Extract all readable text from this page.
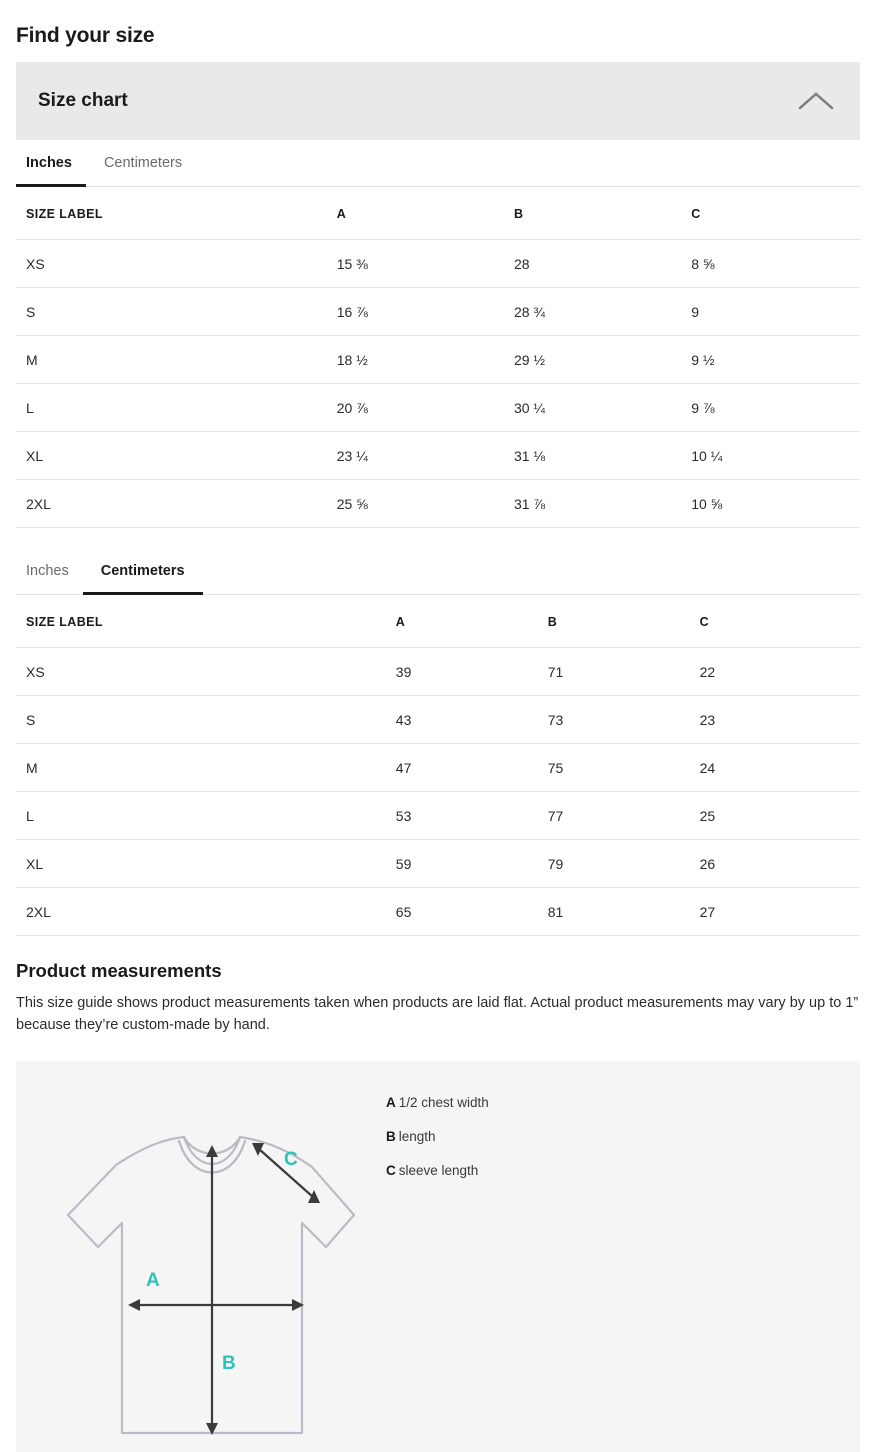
Find your size
Size chart
Inches	Centimeters
SIZE LABEL	A	B	C
XS	15 ⅜	28	8 ⅝
S	16 ⅞	28 ¾	9
M	18 ½	29 ½	9 ½
L	20 ⅞	30 ¼	9 ⅞
XL	23 ¼	31 ⅛	10 ¼
2XL	25 ⅝	31 ⅞	10 ⅝
Inches	Centimeters
SIZE LABEL	A	B	C
XS	39	71	22
S	43	73	23
M	47	75	24
L	53	77	25
XL	59	79	26
2XL	65	81	27
Product measurements

This size guide shows product measurements taken when products are laid flat. Actual product measurements may vary by up to 1” because they’re custom-made by hand.

A
B
C
A 1/2 chest width
B length
C sleeve length
